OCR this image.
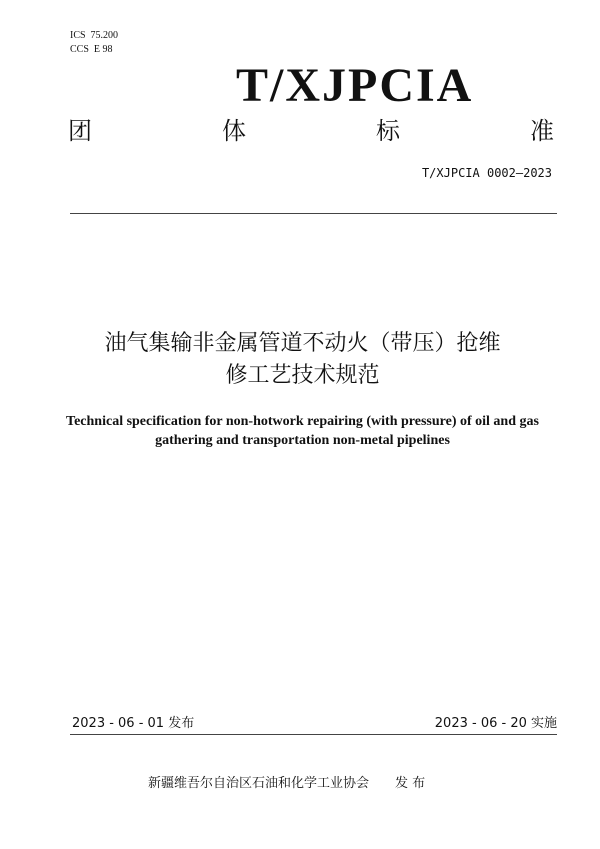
ICS  75.200
CCS  E 98
T/XJPCIA
团	体	标	准
T/XJPCIA 0002—2023
油气集输非金属管道不动火（带压）抢维
修工艺技术规范
Technical specification for non-hotwork repairing (with pressure) of oil and gas
gathering and transportation non-metal pipelines
2023 - 06 - 01 发布	2023 - 06 - 20 实施
新疆维吾尔自治区石油和化学工业协会 发 布
